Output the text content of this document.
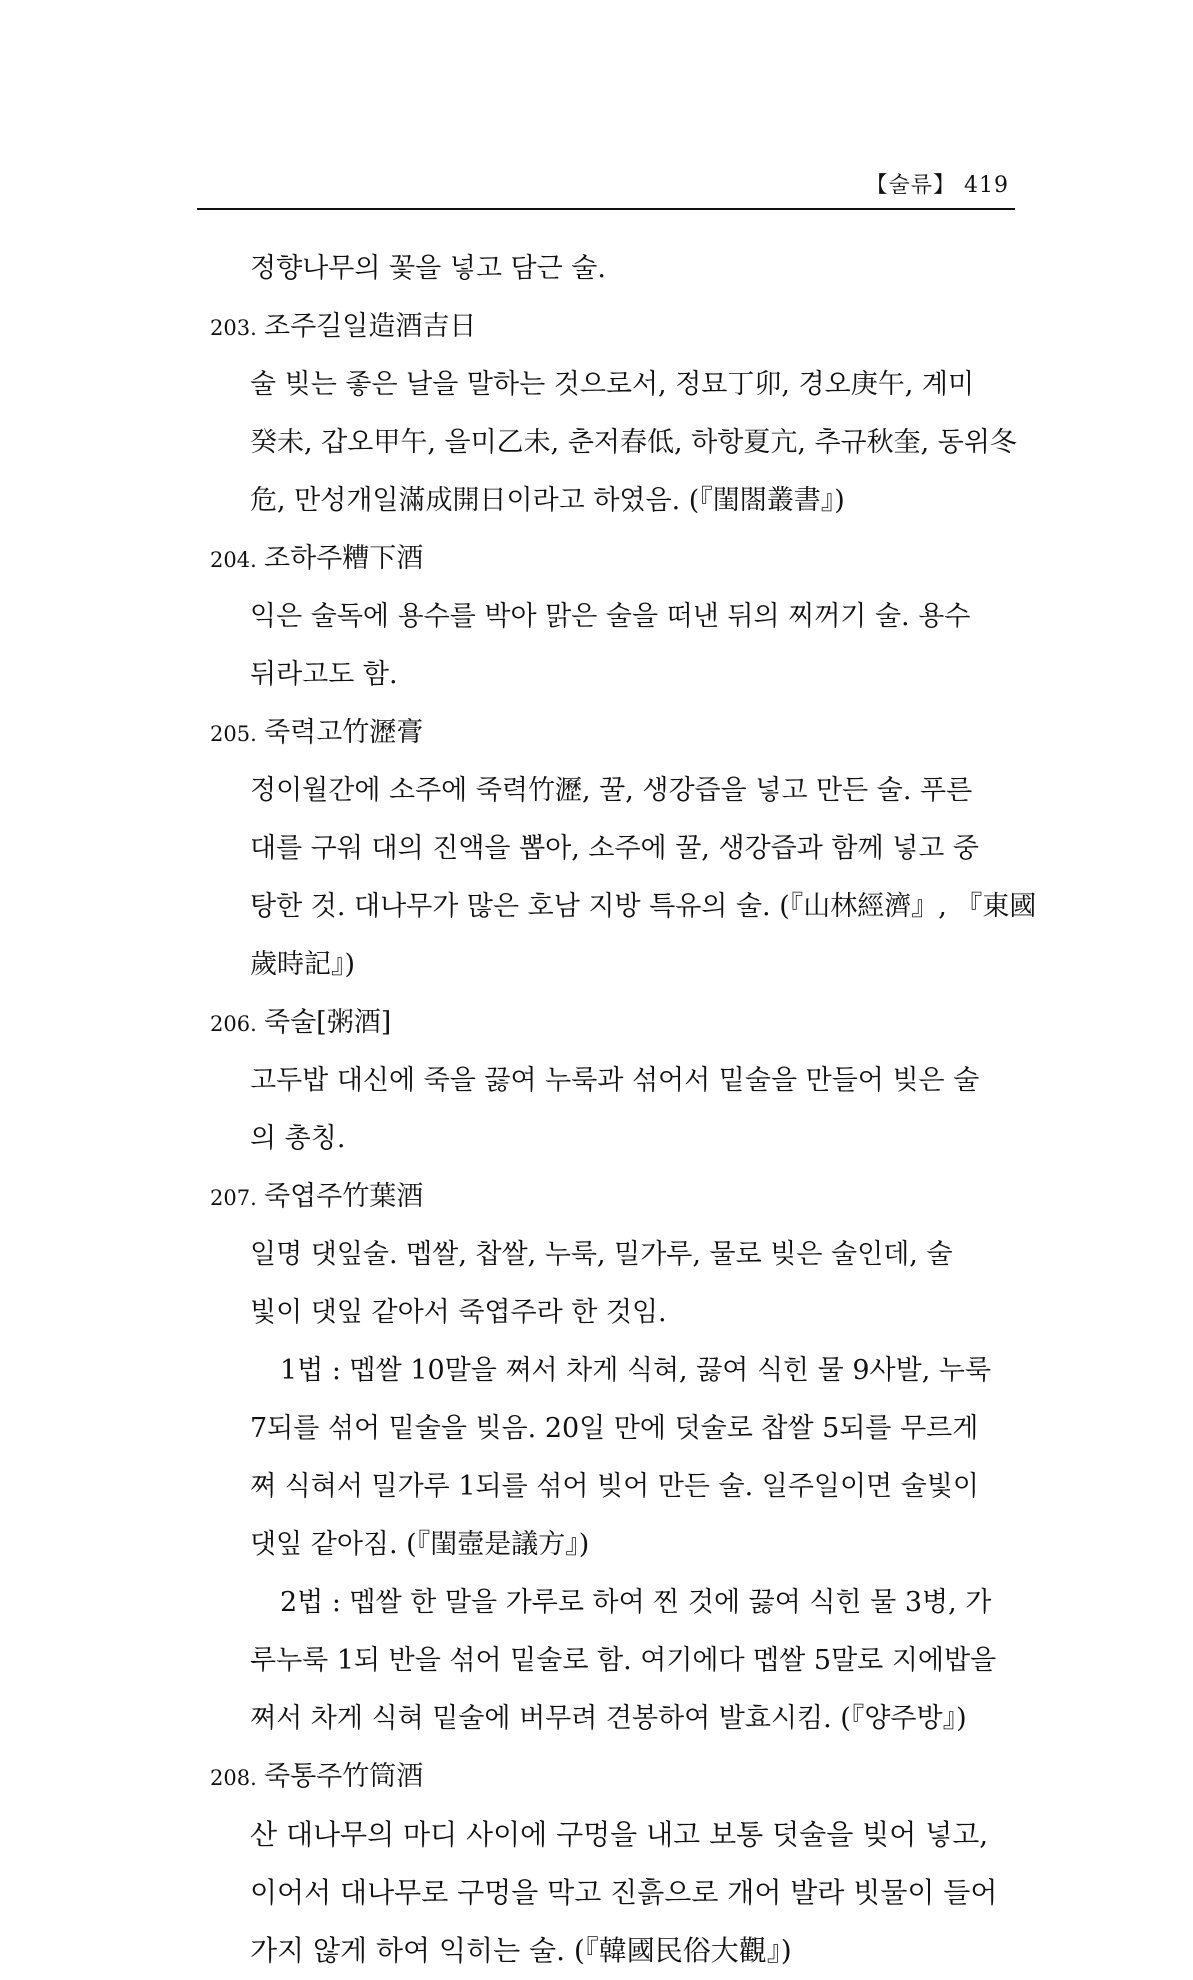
【술류】 419
정향나무의 꽃을 넣고 담근 술.
203. 조주길일造酒吉日
술 빚는 좋은 날을 말하는 것으로서, 정묘丁卯, 경오庚午, 계미
癸未, 갑오甲午, 을미乙未, 춘저春低, 하항夏亢, 추규秋奎, 동위冬
危, 만성개일滿成開日이라고 하였음. (『閨閤叢書』)
204. 조하주糟下酒
익은 술독에 용수를 박아 맑은 술을 떠낸 뒤의 찌꺼기 술. 용수
뒤라고도 함.
205. 죽력고竹瀝膏
정이월간에 소주에 죽력竹瀝, 꿀, 생강즙을 넣고 만든 술. 푸른
대를 구워 대의 진액을 뽑아, 소주에 꿀, 생강즙과 함께 넣고 중
탕한 것. 대나무가 많은 호남 지방 특유의 술. (『山林經濟』, 『東國
歲時記』)
206. 죽술[粥酒]
고두밥 대신에 죽을 끓여 누룩과 섞어서 밑술을 만들어 빚은 술
의 총칭.
207. 죽엽주竹葉酒
일명 댓잎술. 멥쌀, 찹쌀, 누룩, 밀가루, 물로 빚은 술인데, 술
빛이 댓잎 같아서 죽엽주라 한 것임.
1법 : 멥쌀 10말을 쪄서 차게 식혀, 끓여 식힌 물 9사발, 누룩
7되를 섞어 밑술을 빚음. 20일 만에 덧술로 찹쌀 5되를 무르게
쪄 식혀서 밀가루 1되를 섞어 빚어 만든 술. 일주일이면 술빛이
댓잎 같아짐. (『閨壼是議方』)
2법 : 멥쌀 한 말을 가루로 하여 찐 것에 끓여 식힌 물 3병, 가
루누룩 1되 반을 섞어 밑술로 함. 여기에다 멥쌀 5말로 지에밥을
쪄서 차게 식혀 밑술에 버무려 견봉하여 발효시킴. (『양주방』)
208. 죽통주竹筒酒
산 대나무의 마디 사이에 구멍을 내고 보통 덧술을 빚어 넣고,
이어서 대나무로 구멍을 막고 진흙으로 개어 발라 빗물이 들어
가지 않게 하여 익히는 술. (『韓國民俗大觀』)
